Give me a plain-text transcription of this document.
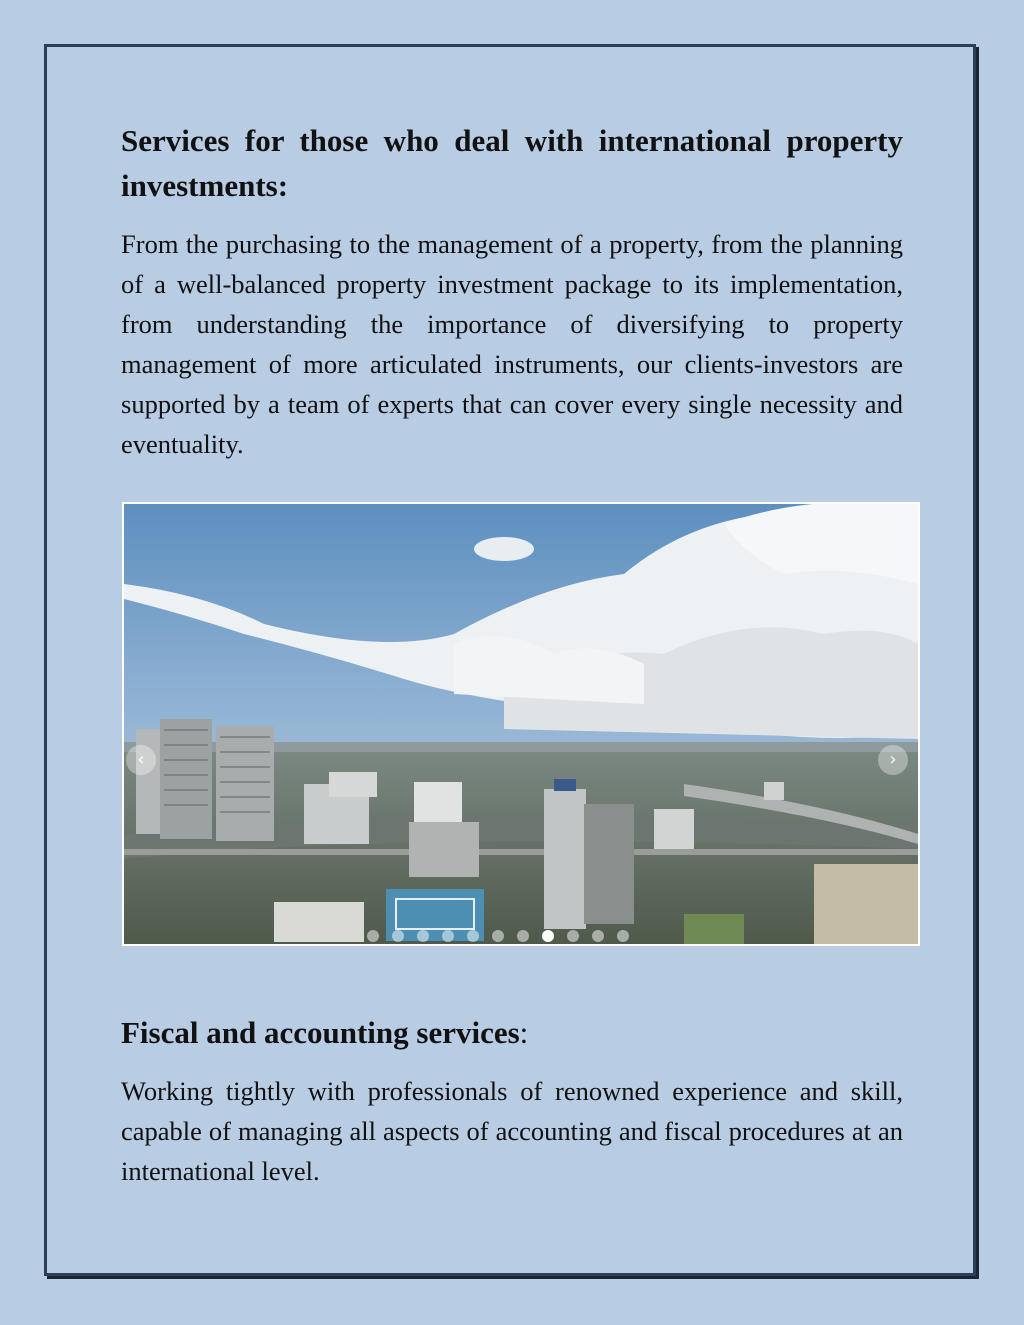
Services for those who deal with international property investments:

From the purchasing to the management of a property, from the planning of a well-balanced property investment package to its implementation, from understanding the importance of diversifying to property management of more articulated instruments, our clients-investors are supported by a team of experts that can cover every single necessity and eventuality.

‹	›
Fiscal and accounting services:

Working tightly with professionals of renowned experience and skill, capable of managing all aspects of accounting and fiscal procedures at an international level.
